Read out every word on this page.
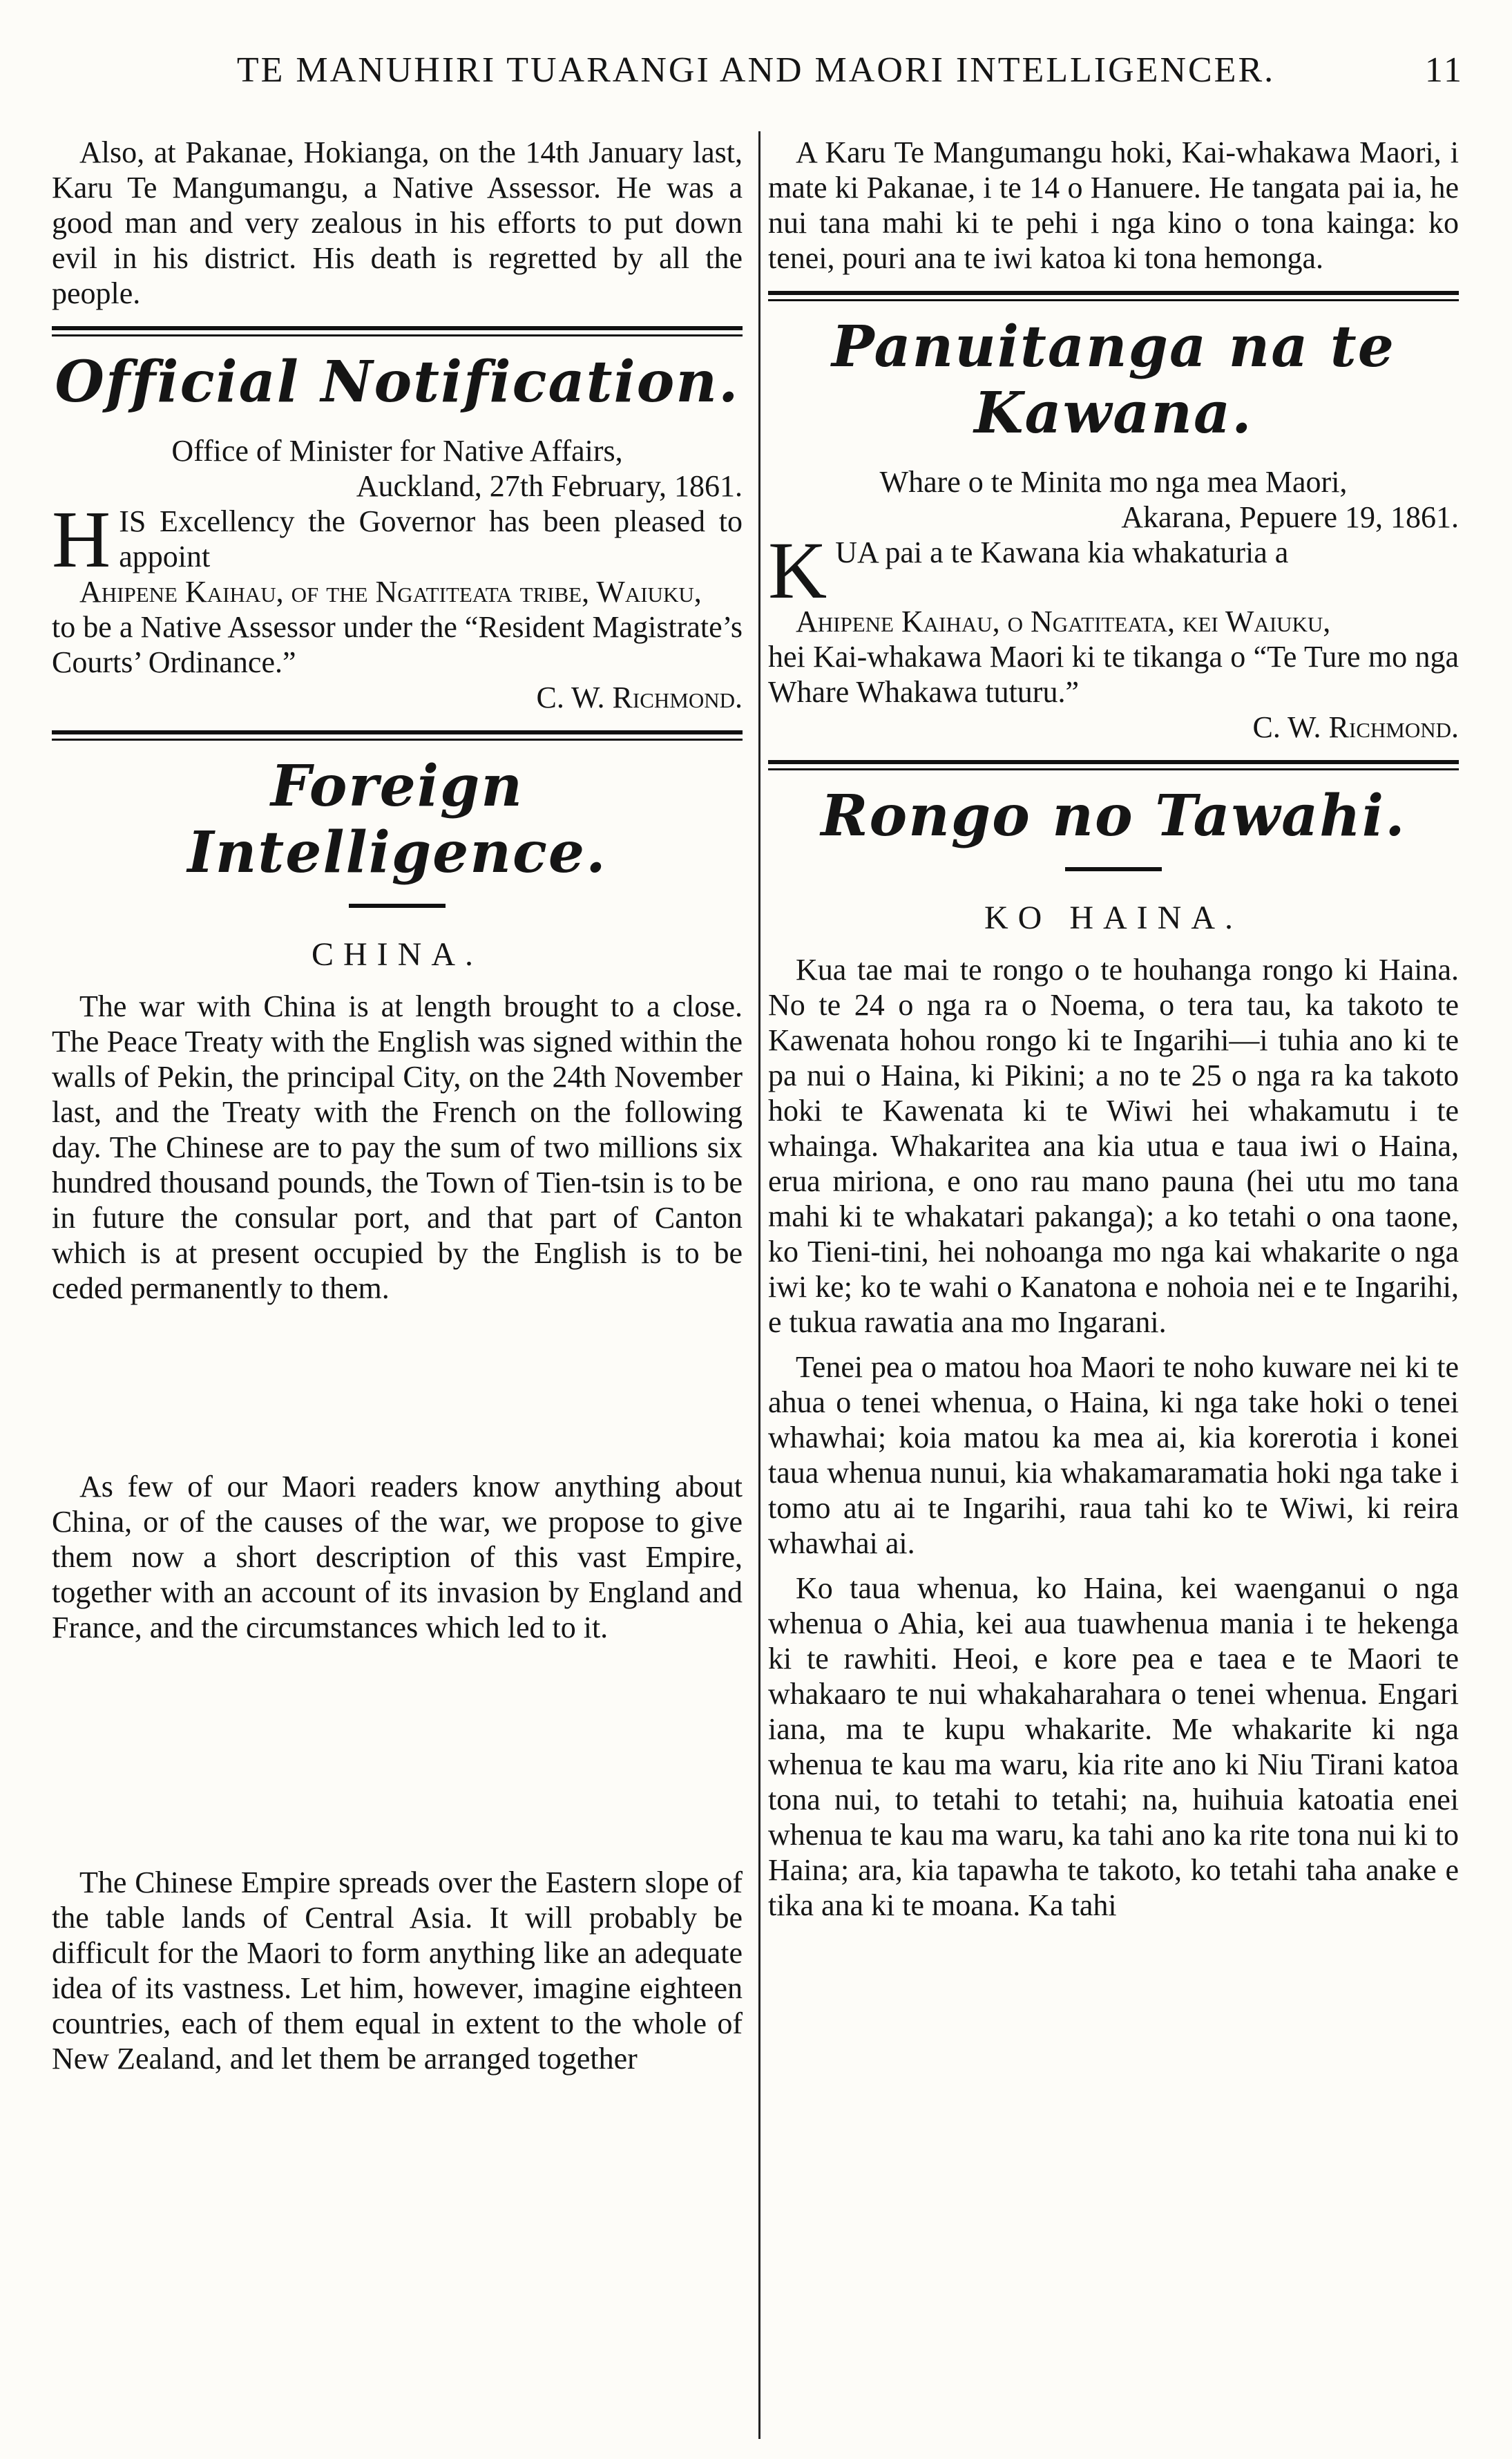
TE MANUHIRI TUARANGI AND MAORI INTELLIGENCER.	11

Also, at Pakanae, Hokianga, on the 14th January last, Karu Te Mangumangu, a Native Assessor. He was a good man and very zealous in his efforts to put down evil in his district. His death is regretted by all the people.

Official Notification.

Office of Minister for Native Affairs,

Auckland, 27th February, 1861.

H IS Excellency the Governor has been pleased to appoint

Ahipene Kaihau, of the Ngatiteata tribe, Waiuku,

to be a Native Assessor under the “Resident Magistrate’s Courts’ Ordinance.”

C. W. Richmond.

Foreign Intelligence.
CHINA.

The war with China is at length brought to a close. The Peace Treaty with the English was signed within the walls of Pekin, the principal City, on the 24th November last, and the Treaty with the French on the following day. The Chinese are to pay the sum of two millions six hundred thousand pounds, the Town of Tien-tsin is to be in future the consular port, and that part of Canton which is at present occupied by the English is to be ceded permanently to them.

As few of our Maori readers know anything about China, or of the causes of the war, we propose to give them now a short description of this vast Empire, together with an account of its invasion by England and France, and the circumstances which led to it.

The Chinese Empire spreads over the Eastern slope of the table lands of Central Asia. It will probably be difficult for the Maori to form anything like an adequate idea of its vastness. Let him, however, imagine eighteen countries, each of them equal in extent to the whole of New Zealand, and let them be arranged together

A Karu Te Mangumangu hoki, Kai-whakawa Maori, i mate ki Pakanae, i te 14 o Hanuere. He tangata pai ia, he nui tana mahi ki te pehi i nga kino o tona kainga: ko tenei, pouri ana te iwi katoa ki tona hemonga.

Panuitanga na te Kawana.

Whare o te Minita mo nga mea Maori,

Akarana, Pepuere 19, 1861.

K UA pai a te Kawana kia whakaturia a

Ahipene Kaihau, o Ngatiteata, kei Waiuku,

hei Kai-whakawa Maori ki te tikanga o “Te Ture mo nga Whare Whakawa tuturu.”

C. W. Richmond.

Rongo no Tawahi.
KO HAINA.

Kua tae mai te rongo o te houhanga rongo ki Haina. No te 24 o nga ra o Noema, o tera tau, ka takoto te Kawenata hohou rongo ki te Ingarihi—i tuhia ano ki te pa nui o Haina, ki Pikini; a no te 25 o nga ra ka takoto hoki te Kawenata ki te Wiwi hei whakamutu i te whainga. Whakaritea ana kia utua e taua iwi o Haina, erua miriona, e ono rau mano pauna (hei utu mo tana mahi ki te whakatari pakanga); a ko tetahi o ona taone, ko Tieni-tini, hei nohoanga mo nga kai whakarite o nga iwi ke; ko te wahi o Kanatona e nohoia nei e te Ingarihi, e tukua rawatia ana mo Ingarani.

Tenei pea o matou hoa Maori te noho kuware nei ki te ahua o tenei whenua, o Haina, ki nga take hoki o tenei whawhai; koia matou ka mea ai, kia korerotia i konei taua whenua nunui, kia whakamaramatia hoki nga take i tomo atu ai te Ingarihi, raua tahi ko te Wiwi, ki reira whawhai ai.

Ko taua whenua, ko Haina, kei waenganui o nga whenua o Ahia, kei aua tuawhenua mania i te hekenga ki te rawhiti. Heoi, e kore pea e taea e te Maori te whakaaro te nui whakaharahara o tenei whenua. Engari iana, ma te kupu whakarite. Me whakarite ki nga whenua te kau ma waru, kia rite ano ki Niu Tirani katoa tona nui, to tetahi to tetahi; na, huihuia katoatia enei whenua te kau ma waru, ka tahi ano ka rite tona nui ki to Haina; ara, kia tapawha te takoto, ko tetahi taha anake e tika ana ki te moana. Ka tahi
